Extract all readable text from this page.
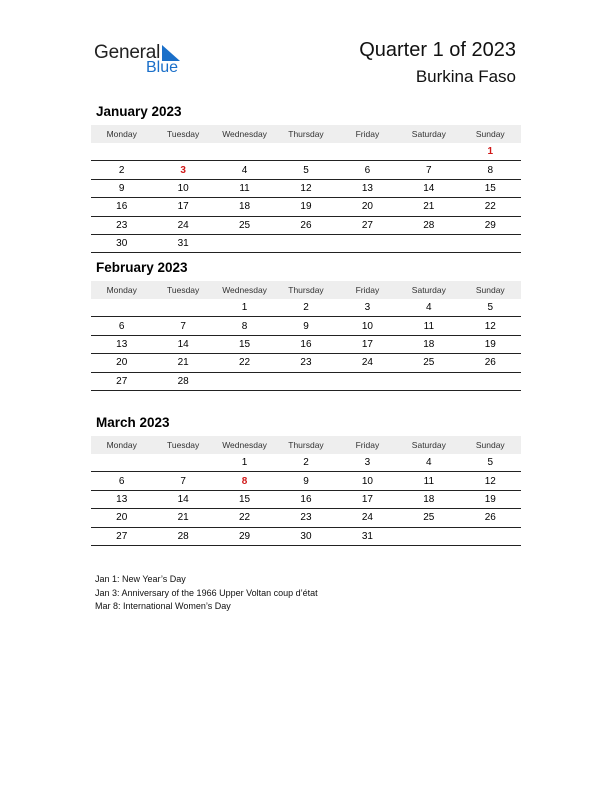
General
Blue
Quarter 1 of 2023
Burkina Faso
January 2023
Monday	Tuesday	Wednesday	Thursday	Friday	Saturday	Sunday
						1
2	3	4	5	6	7	8
9	10	11	12	13	14	15
16	17	18	19	20	21	22
23	24	25	26	27	28	29
30	31					
February 2023
Monday	Tuesday	Wednesday	Thursday	Friday	Saturday	Sunday
		1	2	3	4	5
6	7	8	9	10	11	12
13	14	15	16	17	18	19
20	21	22	23	24	25	26
27	28					
March 2023
Monday	Tuesday	Wednesday	Thursday	Friday	Saturday	Sunday
		1	2	3	4	5
6	7	8	9	10	11	12
13	14	15	16	17	18	19
20	21	22	23	24	25	26
27	28	29	30	31		
Jan 1: New Year’s Day
Jan 3: Anniversary of the 1966 Upper Voltan coup d’état
Mar 8: International Women’s Day
